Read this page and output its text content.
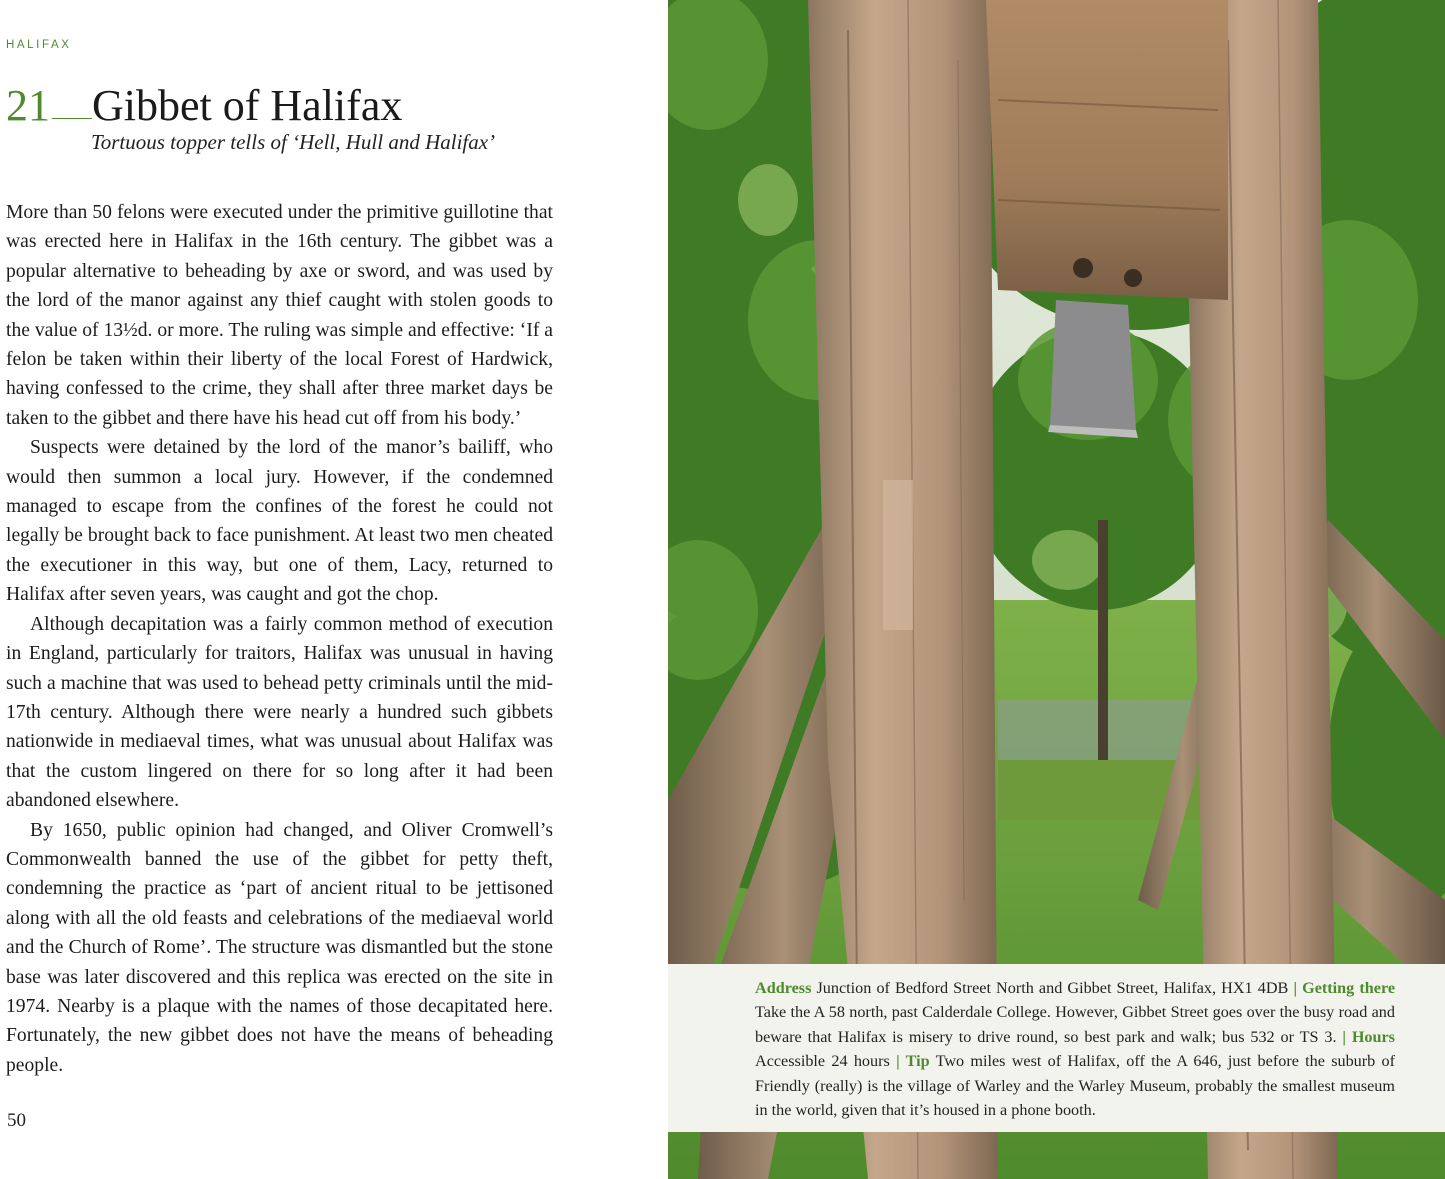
HALIFAX
21 Gibbet of Halifax
Tortuous topper tells of ‘Hell, Hull and Halifax’

More than 50 felons were executed under the primitive guillotine that was erected here in Halifax in the 16th century. The gibbet was a popular alternative to beheading by axe or sword, and was used by the lord of the manor against any thief caught with stolen goods to the value of 13½d. or more. The ruling was simple and effective: ‘If a felon be taken within their liberty of the local Forest of Hardwick, having confessed to the crime, they shall after three market days be taken to the gibbet and there have his head cut off from his body.’

Suspects were detained by the lord of the manor’s bailiff, who would then summon a local jury. However, if the condemned managed to escape from the confines of the forest he could not legally be brought back to face punishment. At least two men cheated the executioner in this way, but one of them, Lacy, returned to Halifax after seven years, was caught and got the chop.

Although decapitation was a fairly common method of execution in England, particularly for traitors, Halifax was unusual in having such a machine that was used to behead petty criminals until the mid-17th century. Although there were nearly a hundred such gibbets nationwide in mediaeval times, what was unusual about Halifax was that the custom lingered on there for so long after it had been abandoned elsewhere.

By 1650, public opinion had changed, and Oliver Cromwell’s Commonwealth banned the use of the gibbet for petty theft, condemning the practice as ‘part of ancient ritual to be jettisoned along with all the old feasts and celebrations of the mediaeval world and the Church of Rome’. The structure was dismantled but the stone base was later discovered and this replica was erected on the site in 1974. Nearby is a plaque with the names of those decapitated here. Fortunately, the new gibbet does not have the means of beheading people.

50
Address Junction of Bedford Street North and Gibbet Street, Halifax, HX1 4DB | Getting there Take the A 58 north, past Calderdale College. However, Gibbet Street goes over the busy road and beware that Halifax is misery to drive round, so best park and walk; bus 532 or TS 3. | Hours Accessible 24 hours | Tip Two miles west of Halifax, off the A 646, just before the suburb of Friendly (really) is the village of Warley and the Warley Museum, probably the smallest museum in the world, given that it’s housed in a phone booth.
